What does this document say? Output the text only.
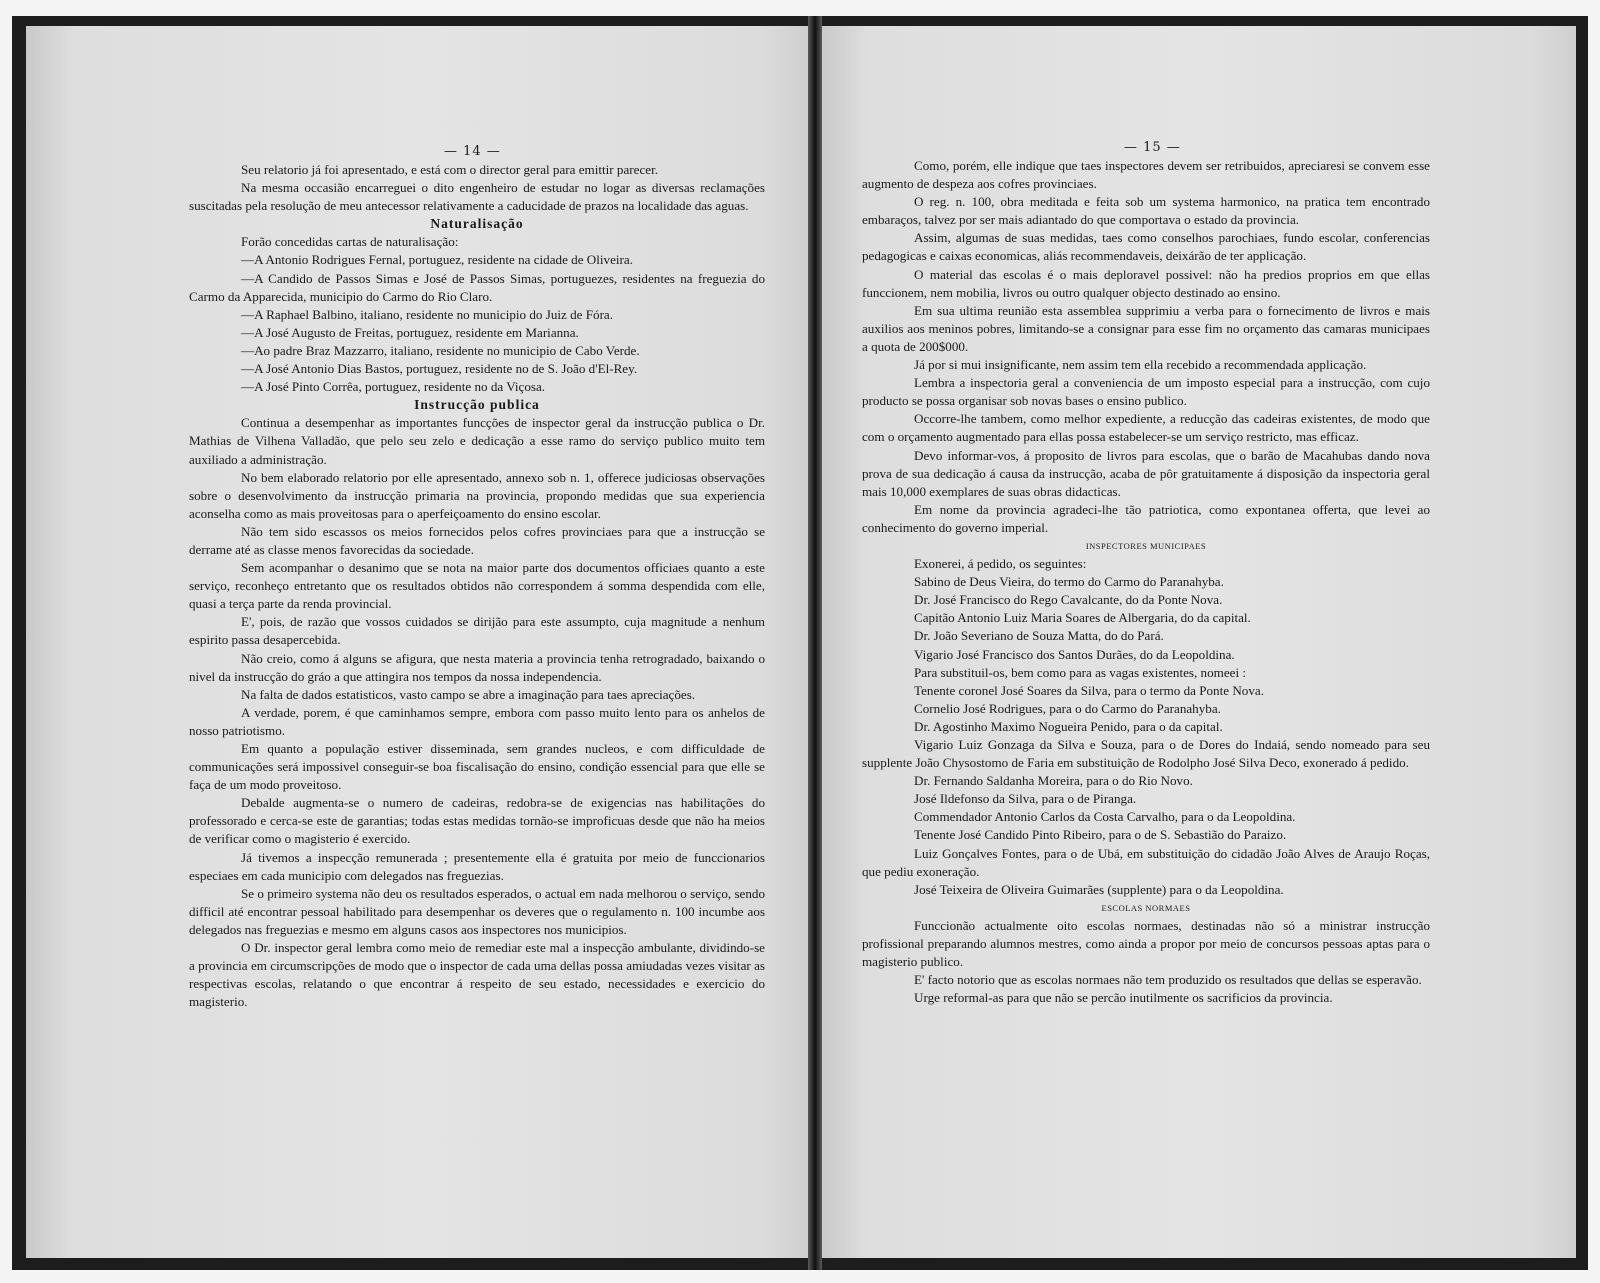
— 14 —

Seu relatorio já foi apresentado, e está com o director geral para emittir parecer.

Na mesma occasião encarreguei o dito engenheiro de estudar no logar as diversas reclamações suscitadas pela resolução de meu antecessor relativamente a caducidade de prazos na localidade das aguas.

Naturalisação

Forão concedidas cartas de naturalisação:

—A Antonio Rodrigues Fernal, portuguez, residente na cidade de Oliveira.

—A Candido de Passos Simas e José de Passos Simas, portuguezes, residentes na freguezia do Carmo da Apparecida, municipio do Carmo do Rio Claro.

—A Raphael Balbino, italiano, residente no municipio do Juiz de Fóra.

—A José Augusto de Freitas, portuguez, residente em Marianna.

—Ao padre Braz Mazzarro, italiano, residente no municipio de Cabo Verde.

—A José Antonio Dias Bastos, portuguez, residente no de S. João d'El-Rey.

—A José Pinto Corrêa, portuguez, residente no da Viçosa.

Instrucção publica

Continua a desempenhar as importantes funcções de inspector geral da instrucção publica o Dr. Mathias de Vilhena Valladão, que pelo seu zelo e dedicação a esse ramo do serviço publico muito tem auxiliado a administração.

No bem elaborado relatorio por elle apresentado, annexo sob n. 1, offerece judiciosas observações sobre o desenvolvimento da instrucção primaria na provincia, propondo medidas que sua experiencia aconselha como as mais proveitosas para o aperfeiçoamento do ensino escolar.

Não tem sido escassos os meios fornecidos pelos cofres provinciaes para que a instrucção se derrame até as classe menos favorecidas da sociedade.

Sem acompanhar o desanimo que se nota na maior parte dos documentos officiaes quanto a este serviço, reconheço entretanto que os resultados obtidos não correspondem á somma despendida com elle, quasi a terça parte da renda provincial.

E', pois, de razão que vossos cuidados se dirijão para este assumpto, cuja magnitude a nenhum espirito passa desapercebida.

Não creio, como á alguns se afigura, que nesta materia a provincia tenha retrogradado, baixando o nivel da instrucção do gráo a que attingira nos tempos da nossa independencia.

Na falta de dados estatisticos, vasto campo se abre a imaginação para taes apreciações.

A verdade, porem, é que caminhamos sempre, embora com passo muito lento para os anhelos de nosso patriotismo.

Em quanto a população estiver disseminada, sem grandes nucleos, e com difficuldade de communicações será impossivel conseguir-se boa fiscalisação do ensino, condição essencial para que elle se faça de um modo proveitoso.

Debalde augmenta-se o numero de cadeiras, redobra-se de exigencias nas habilitações do professorado e cerca-se este de garantias; todas estas medidas tornão-se improficuas desde que não ha meios de verificar como o magisterio é exercido.

Já tivemos a inspecção remunerada ; presentemente ella é gratuita por meio de funccionarios especiaes em cada municipio com delegados nas freguezias.

Se o primeiro systema não deu os resultados esperados, o actual em nada melhorou o serviço, sendo difficil até encontrar pessoal habilitado para desempenhar os deveres que o regulamento n. 100 incumbe aos delegados nas freguezias e mesmo em alguns casos aos inspectores nos municipios.

O Dr. inspector geral lembra como meio de remediar este mal a inspecção ambulante, dividindo-se a provincia em circumscripções de modo que o inspector de cada uma dellas possa amiudadas vezes visitar as respectivas escolas, relatando o que encontrar á respeito de seu estado, necessidades e exercicio do magisterio.

— 15 —

Como, porém, elle indique que taes inspectores devem ser retribuidos, apreciaresi se convem esse augmento de despeza aos cofres provinciaes.

O reg. n. 100, obra meditada e feita sob um systema harmonico, na pratica tem encontrado embaraços, talvez por ser mais adiantado do que comportava o estado da provincia.

Assim, algumas de suas medidas, taes como conselhos parochiaes, fundo escolar, conferencias pedagogicas e caixas economicas, aliás recommendaveis, deixárão de ter applicação.

O material das escolas é o mais deploravel possivel: não ha predios proprios em que ellas funccionem, nem mobilia, livros ou outro qualquer objecto destinado ao ensino.

Em sua ultima reunião esta assemblea supprimiu a verba para o fornecimento de livros e mais auxilios aos meninos pobres, limitando-se a consignar para esse fim no orçamento das camaras municipaes a quota de 200$000.

Já por si mui insignificante, nem assim tem ella recebido a recommendada applicação.

Lembra a inspectoria geral a conveniencia de um imposto especial para a instrucção, com cujo producto se possa organisar sob novas bases o ensino publico.

Occorre-lhe tambem, como melhor expediente, a reducção das cadeiras existentes, de modo que com o orçamento augmentado para ellas possa estabelecer-se um serviço restricto, mas efficaz.

Devo informar-vos, á proposito de livros para escolas, que o barão de Macahubas dando nova prova de sua dedicação á causa da instrucção, acaba de pôr gratuitamente á disposição da inspectoria geral mais 10,000 exemplares de suas obras didacticas.

Em nome da provincia agradeci-lhe tão patriotica, como expontanea offerta, que levei ao conhecimento do governo imperial.

INSPECTORES MUNICIPAES

Exonerei, á pedido, os seguintes:

Sabino de Deus Vieira, do termo do Carmo do Paranahyba.

Dr. José Francisco do Rego Cavalcante, do da Ponte Nova.

Capitão Antonio Luiz Maria Soares de Albergaria, do da capital.

Dr. João Severiano de Souza Matta, do do Pará.

Vigario José Francisco dos Santos Durães, do da Leopoldina.

Para substituil-os, bem como para as vagas existentes, nomeei :

Tenente coronel José Soares da Silva, para o termo da Ponte Nova.

Cornelio José Rodrigues, para o do Carmo do Paranahyba.

Dr. Agostinho Maximo Nogueira Penido, para o da capital.

Vigario Luiz Gonzaga da Silva e Souza, para o de Dores do Indaiá, sendo nomeado para seu supplente João Chysostomo de Faria em substituição de Rodolpho José Silva Deco, exonerado á pedido.

Dr. Fernando Saldanha Moreira, para o do Rio Novo.

José Ildefonso da Silva, para o de Piranga.

Commendador Antonio Carlos da Costa Carvalho, para o da Leopoldina.

Tenente José Candido Pinto Ribeiro, para o de S. Sebastião do Paraizo.

Luiz Gonçalves Fontes, para o de Ubá, em substituição do cidadão João Alves de Araujo Roças, que pediu exoneração.

José Teixeira de Oliveira Guimarães (supplente) para o da Leopoldina.

ESCOLAS NORMAES

Funccionão actualmente oito escolas normaes, destinadas não só a ministrar instrucção profissional preparando alumnos mestres, como ainda a propor por meio de concursos pessoas aptas para o magisterio publico.

E' facto notorio que as escolas normaes não tem produzido os resultados que dellas se esperavão.

Urge reformal-as para que não se percão inutilmente os sacrificios da provincia.
